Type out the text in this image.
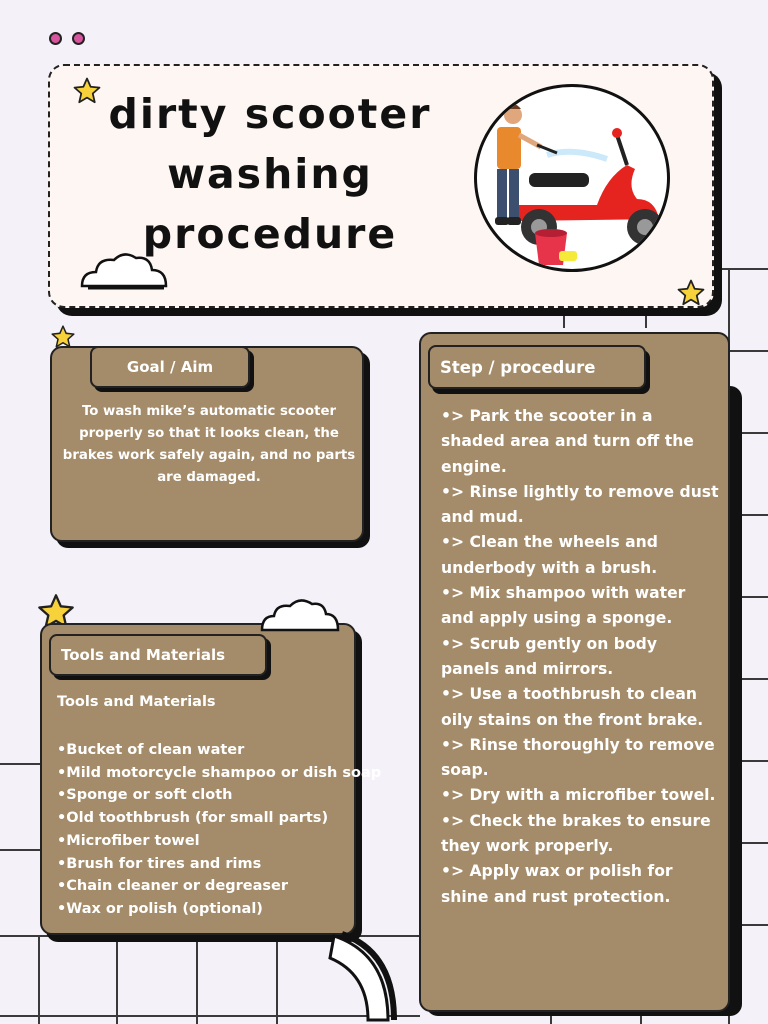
dirty scooter washing procedure
Goal / Aim
To wash mike’s automatic scooter properly so that it looks clean, the brakes work safely again, and no parts are damaged.
Tools and Materials
Tools and Materials
•Bucket of clean water
•Mild motorcycle shampoo or dish soap
•Sponge or soft cloth
•Old toothbrush (for small parts)
•Microfiber towel
•Brush for tires and rims
•Chain cleaner or degreaser
•Wax or polish (optional)
Step / procedure
•> Park the scooter in a shaded area and turn off the engine.
•> Rinse lightly to remove dust and mud.
•> Clean the wheels and underbody with a brush.
•> Mix shampoo with water and apply using a sponge.
•> Scrub gently on body panels and mirrors.
•> Use a toothbrush to clean oily stains on the front brake.
•> Rinse thoroughly to remove soap.
•> Dry with a microfiber towel.
•> Check the brakes to ensure they work properly.
•> Apply wax or polish for shine and rust protection.
